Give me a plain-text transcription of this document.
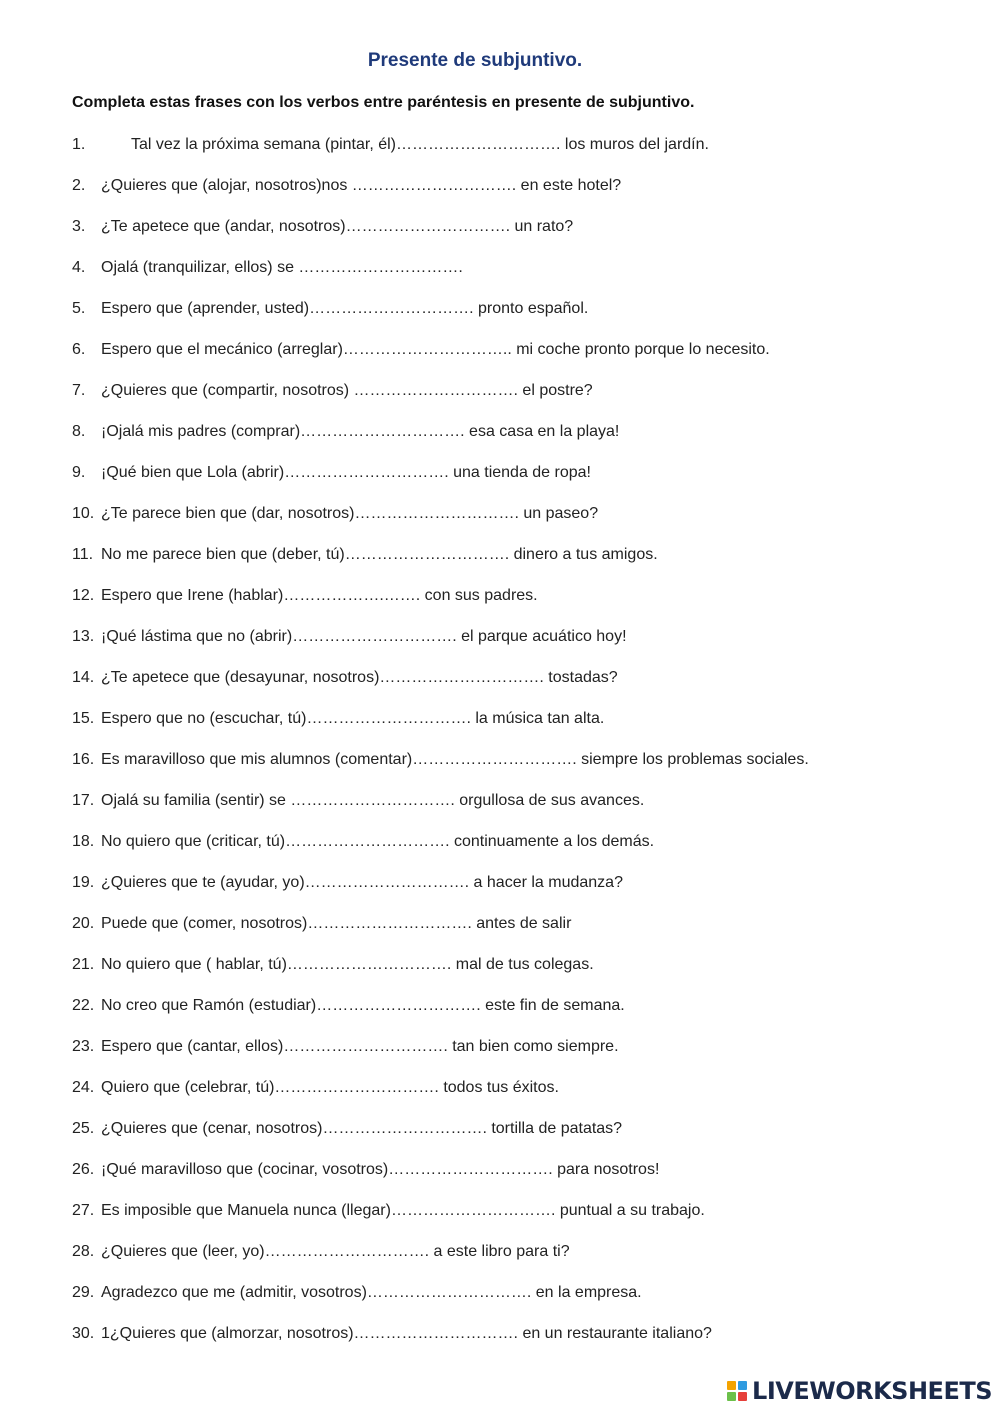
Presente de subjuntivo.
Completa estas frases con los verbos entre paréntesis en presente de subjuntivo.
1.	Tal vez la próxima semana (pintar, él)…………………………. los muros del jardín.
2. ¿Quieres que (alojar, nosotros)nos …………………………. en este hotel?
3. ¿Te apetece que (andar, nosotros)…………………………. un rato?
4. Ojalá (tranquilizar, ellos) se ………………………….
5. Espero que (aprender, usted)…………………………. pronto español.
6. Espero que el mecánico (arreglar)………………………….. mi coche pronto porque lo necesito.
7. ¿Quieres que (compartir, nosotros) …………………………. el postre?
8. ¡Ojalá mis padres (comprar)…………………………. esa casa en la playa!
9. ¡Qué bien que Lola (abrir)…………………………. una tienda de ropa!
10. ¿Te parece bien que (dar, nosotros)…………………………. un paseo?
11. No me parece bien que (deber, tú)…………………………. dinero a tus amigos.
12. Espero que Irene (hablar)……………….……. con sus padres.
13. ¡Qué lástima que no (abrir)…………………………. el parque acuático hoy!
14. ¿Te apetece que (desayunar, nosotros)…………………………. tostadas?
15. Espero que no (escuchar, tú)…………………………. la música tan alta.
16. Es maravilloso que mis alumnos (comentar)…………………………. siempre los problemas sociales.
17. Ojalá su familia (sentir) se …………………………. orgullosa de sus avances.
18. No quiero que (criticar, tú)…………………………. continuamente a los demás.
19. ¿Quieres que te (ayudar, yo)…………………………. a hacer la mudanza?
20. Puede que (comer, nosotros)…………………………. antes de salir
21. No quiero que ( hablar, tú)…………………………. mal de tus colegas.
22. No creo que Ramón (estudiar)…………………………. este fin de semana.
23. Espero que (cantar, ellos)…………………………. tan bien como siempre.
24. Quiero que (celebrar, tú)…………………………. todos tus éxitos.
25. ¿Quieres que (cenar, nosotros)…………………………. tortilla de patatas?
26. ¡Qué maravilloso que (cocinar, vosotros)…………………………. para nosotros!
27. Es imposible que Manuela nunca (llegar)…………………………. puntual a su trabajo.
28. ¿Quieres que (leer, yo)…………………………. a este libro para ti?
29. Agradezco que me (admitir, vosotros)…………………………. en la empresa.
30. 1¿Quieres que (almorzar, nosotros)…………………………. en un restaurante italiano?
LIVEWORKSHEETS
